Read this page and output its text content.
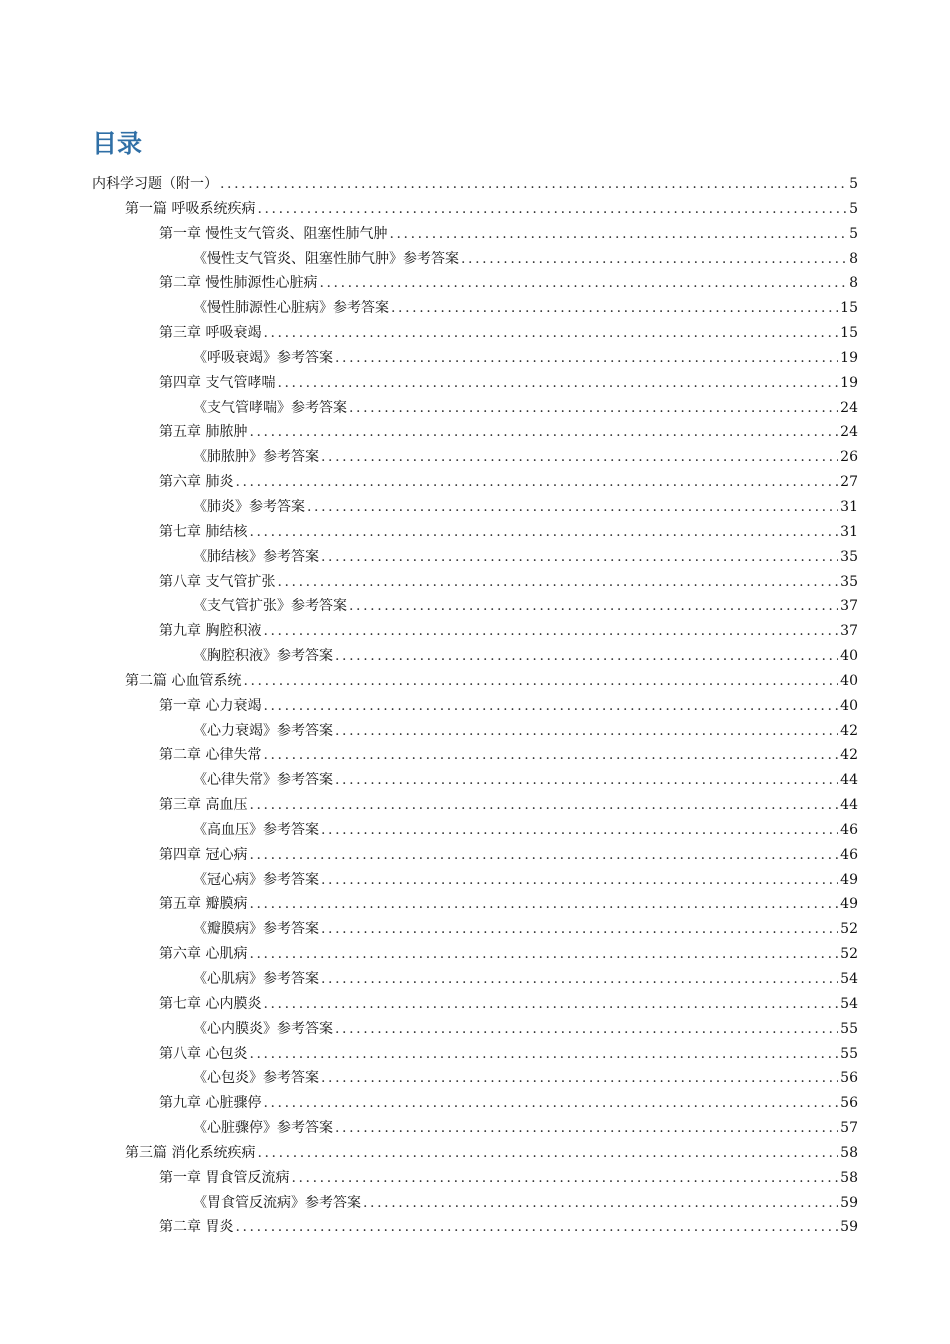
目录
内科学习题（附一） .....	5
第一篇 呼吸系统疾病 .....	5
第一章 慢性支气管炎、阻塞性肺气肿 .....	5
《慢性支气管炎、阻塞性肺气肿》参考答案 .....	8
第二章 慢性肺源性心脏病 .....	8
《慢性肺源性心脏病》参考答案 .....	15
第三章 呼吸衰竭 .....	15
《呼吸衰竭》参考答案 .....	19
第四章 支气管哮喘 .....	19
《支气管哮喘》参考答案 .....	24
第五章 肺脓肿 .....	24
《肺脓肿》参考答案 .....	26
第六章 肺炎 .....	27
《肺炎》参考答案 .....	31
第七章 肺结核 .....	31
《肺结核》参考答案 .....	35
第八章 支气管扩张 .....	35
《支气管扩张》参考答案 .....	37
第九章 胸腔积液 .....	37
《胸腔积液》参考答案 .....	40
第二篇 心血管系统 .....	40
第一章 心力衰竭 .....	40
《心力衰竭》参考答案 .....	42
第二章 心律失常 .....	42
《心律失常》参考答案 .....	44
第三章 高血压 .....	44
《高血压》参考答案 .....	46
第四章 冠心病 .....	46
《冠心病》参考答案 .....	49
第五章 瓣膜病 .....	49
《瓣膜病》参考答案 .....	52
第六章 心肌病 .....	52
《心肌病》参考答案 .....	54
第七章 心内膜炎 .....	54
《心内膜炎》参考答案 .....	55
第八章 心包炎 .....	55
《心包炎》参考答案 .....	56
第九章 心脏骤停 .....	56
《心脏骤停》参考答案 .....	57
第三篇 消化系统疾病 .....	58
第一章 胃食管反流病 .....	58
《胃食管反流病》参考答案 .....	59
第二章 胃炎 .....	59
